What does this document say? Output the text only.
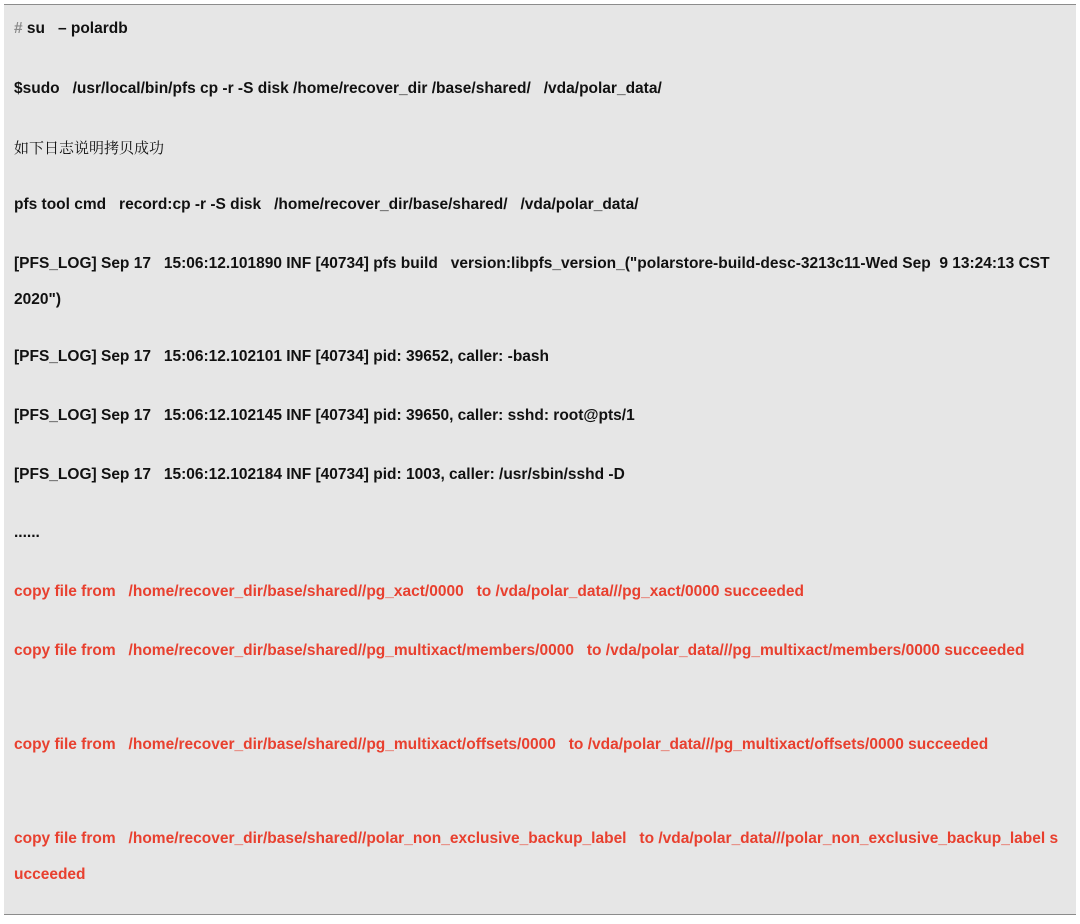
# su   – polardb
$sudo   /usr/local/bin/pfs cp -r -S disk /home/recover_dir /base/shared/   /vda/polar_data/
如下日志说明拷贝成功
pfs tool cmd   record:cp -r -S disk   /home/recover_dir/base/shared/   /vda/polar_data/
[PFS_LOG] Sep 17   15:06:12.101890 INF [40734] pfs build   version:libpfs_version_("polarstore-build-desc-3213c11-Wed Sep  9 13:24:13 CST 2020")
[PFS_LOG] Sep 17   15:06:12.102101 INF [40734] pid: 39652, caller: -bash
[PFS_LOG] Sep 17   15:06:12.102145 INF [40734] pid: 39650, caller: sshd: root@pts/1
[PFS_LOG] Sep 17   15:06:12.102184 INF [40734] pid: 1003, caller: /usr/sbin/sshd -D
......
copy file from   /home/recover_dir/base/shared//pg_xact/0000   to /vda/polar_data///pg_xact/0000 succeeded
copy file from   /home/recover_dir/base/shared//pg_multixact/members/0000   to /vda/polar_data///pg_multixact/members/0000 succeeded
copy file from   /home/recover_dir/base/shared//pg_multixact/offsets/0000   to /vda/polar_data///pg_multixact/offsets/0000 succeeded
copy file from   /home/recover_dir/base/shared//polar_non_exclusive_backup_label   to /vda/polar_data///polar_non_exclusive_backup_label succeeded
